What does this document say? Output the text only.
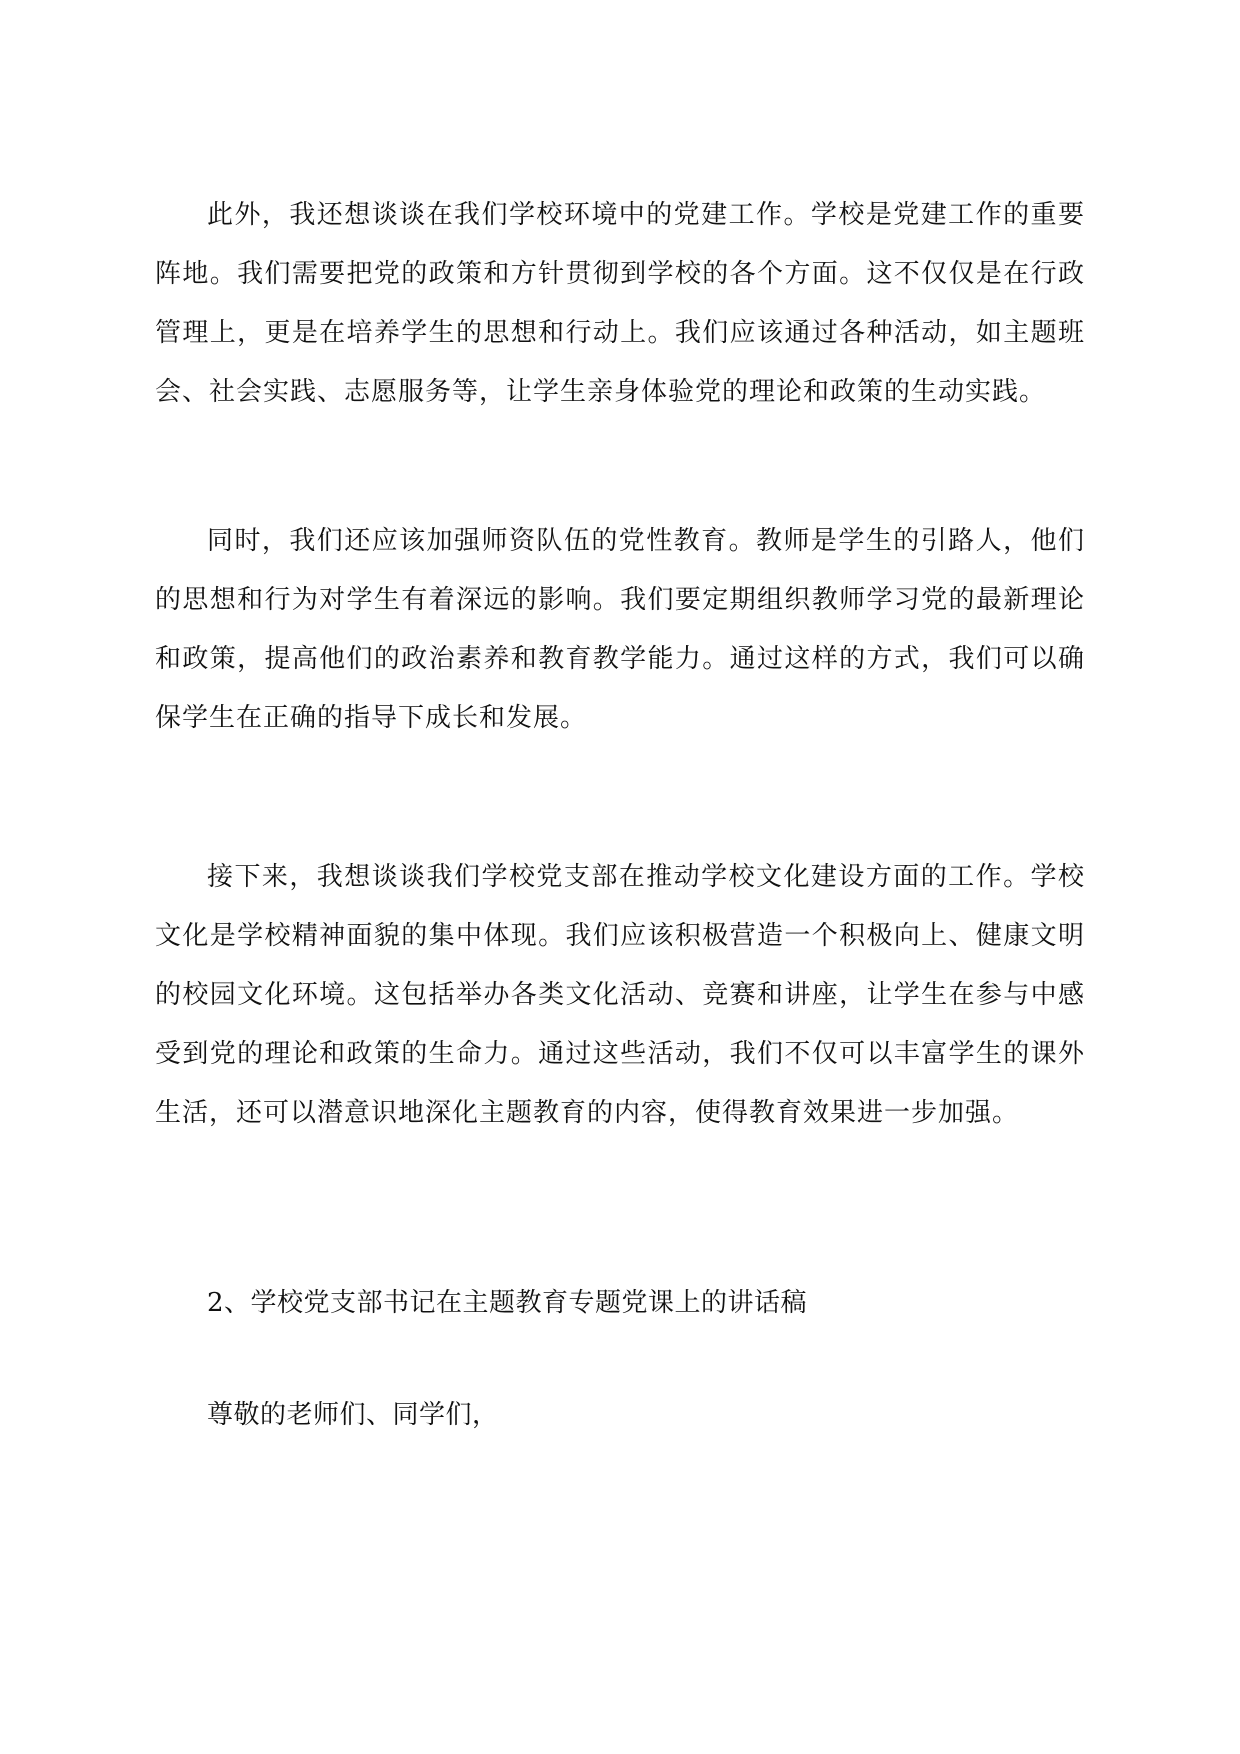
此外，我还想谈谈在我们学校环境中的党建工作。学校是党建工作的重要阵地。我们需要把党的政策和方针贯彻到学校的各个方面。这不仅仅是在行政管理上，更是在培养学生的思想和行动上。我们应该通过各种活动，如主题班会、社会实践、志愿服务等，让学生亲身体验党的理论和政策的生动实践。

同时，我们还应该加强师资队伍的党性教育。教师是学生的引路人，他们的思想和行为对学生有着深远的影响。我们要定期组织教师学习党的最新理论和政策，提高他们的政治素养和教育教学能力。通过这样的方式，我们可以确保学生在正确的指导下成长和发展。

接下来，我想谈谈我们学校党支部在推动学校文化建设方面的工作。学校文化是学校精神面貌的集中体现。我们应该积极营造一个积极向上、健康文明的校园文化环境。这包括举办各类文化活动、竞赛和讲座，让学生在参与中感受到党的理论和政策的生命力。通过这些活动，我们不仅可以丰富学生的课外生活，还可以潜意识地深化主题教育的内容，使得教育效果进一步加强。

2、学校党支部书记在主题教育专题党课上的讲话稿

尊敬的老师们、同学们，
